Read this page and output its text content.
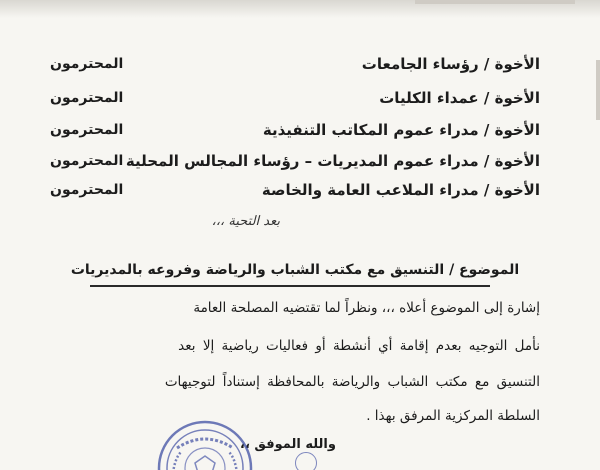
الأخوة / رؤساء الجامعات
المحترمون
الأخوة / عمداء الكليات
المحترمون
الأخوة / مدراء عموم المكاتب التنفيذية
المحترمون
الأخوة / مدراء عموم المديريات – رؤساء المجالس المحلية
المحترمون
الأخوة / مدراء الملاعب العامة والخاصة
المحترمون
بعد التحية ،،،
الموضوع / التنسيق مع مكتب الشباب والرياضة وفروعه بالمديريات
إشارة إلى الموضوع أعلاه ،،، ونظراً لما تقتضيه المصلحة العامة
نأمل التوجيه بعدم إقامة أي أنشطة أو فعاليات رياضية إلا بعد
التنسيق مع مكتب الشباب والرياضة بالمحافظة إستناداً لتوجيهات
السلطة المركزية المرفق بهذا .
والله الموفق ،،
